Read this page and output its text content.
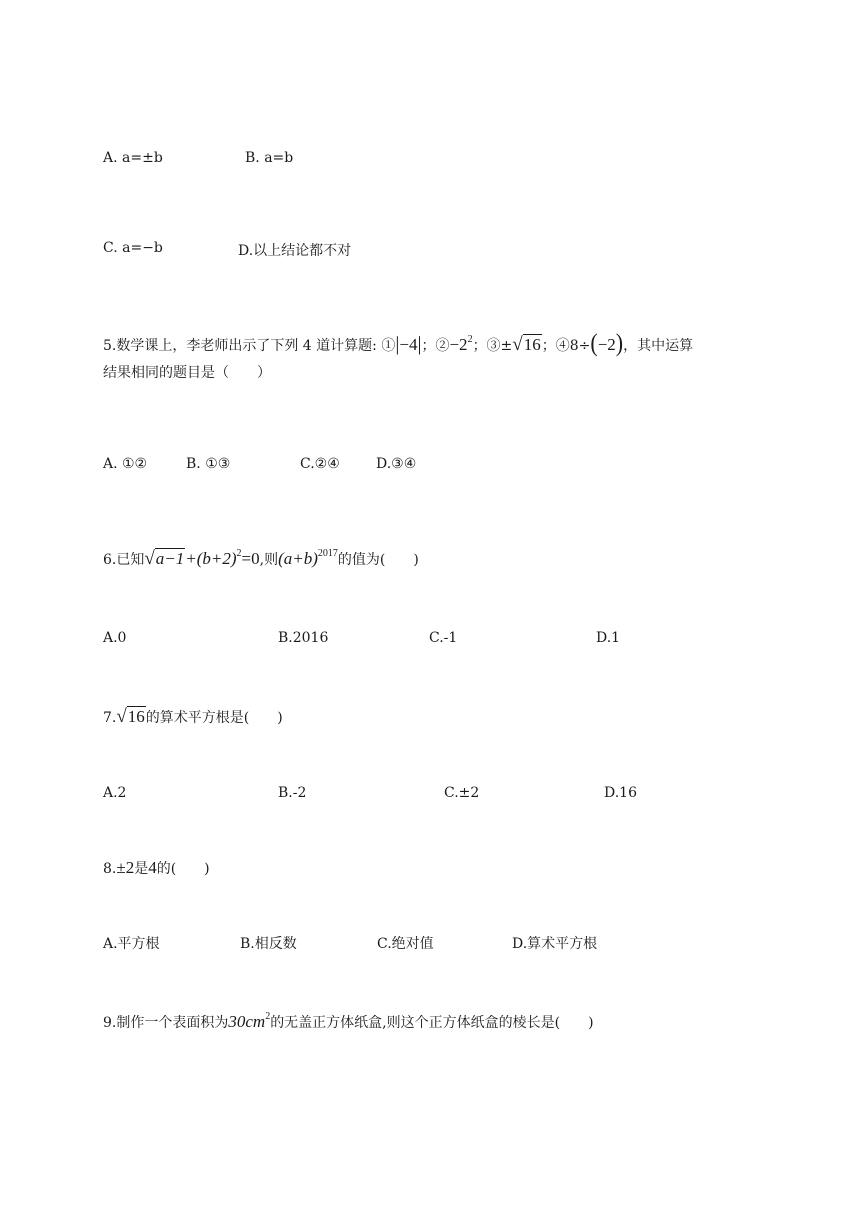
A. a=±b	B. a=b
C. a=−b	D.以上结论都不对
5.数学课上，李老师出示了下列 4 道计算题: ①|−4|；$②-2^2$；③±√16；④8÷(−2)，其中运算
结果相同的题目是（　　）
A. ①②	B. ①③	C.②④	D.③④
6.已知$√a-1+(b+2)^2=0$,则$(a+b)^{2017}$的值为(　　)
A.0	B.2016	C.-1	D.1
7.√16的算术平方根是(　　)
A.2	B.-2	C.±2	D.16
8.±2是4的(　　)
A.平方根	B.相反数	C.绝对值	D.算术平方根
9.制作一个表面积为$30cm^2$的无盖正方体纸盒,则这个正方体纸盒的棱长是(　　)
